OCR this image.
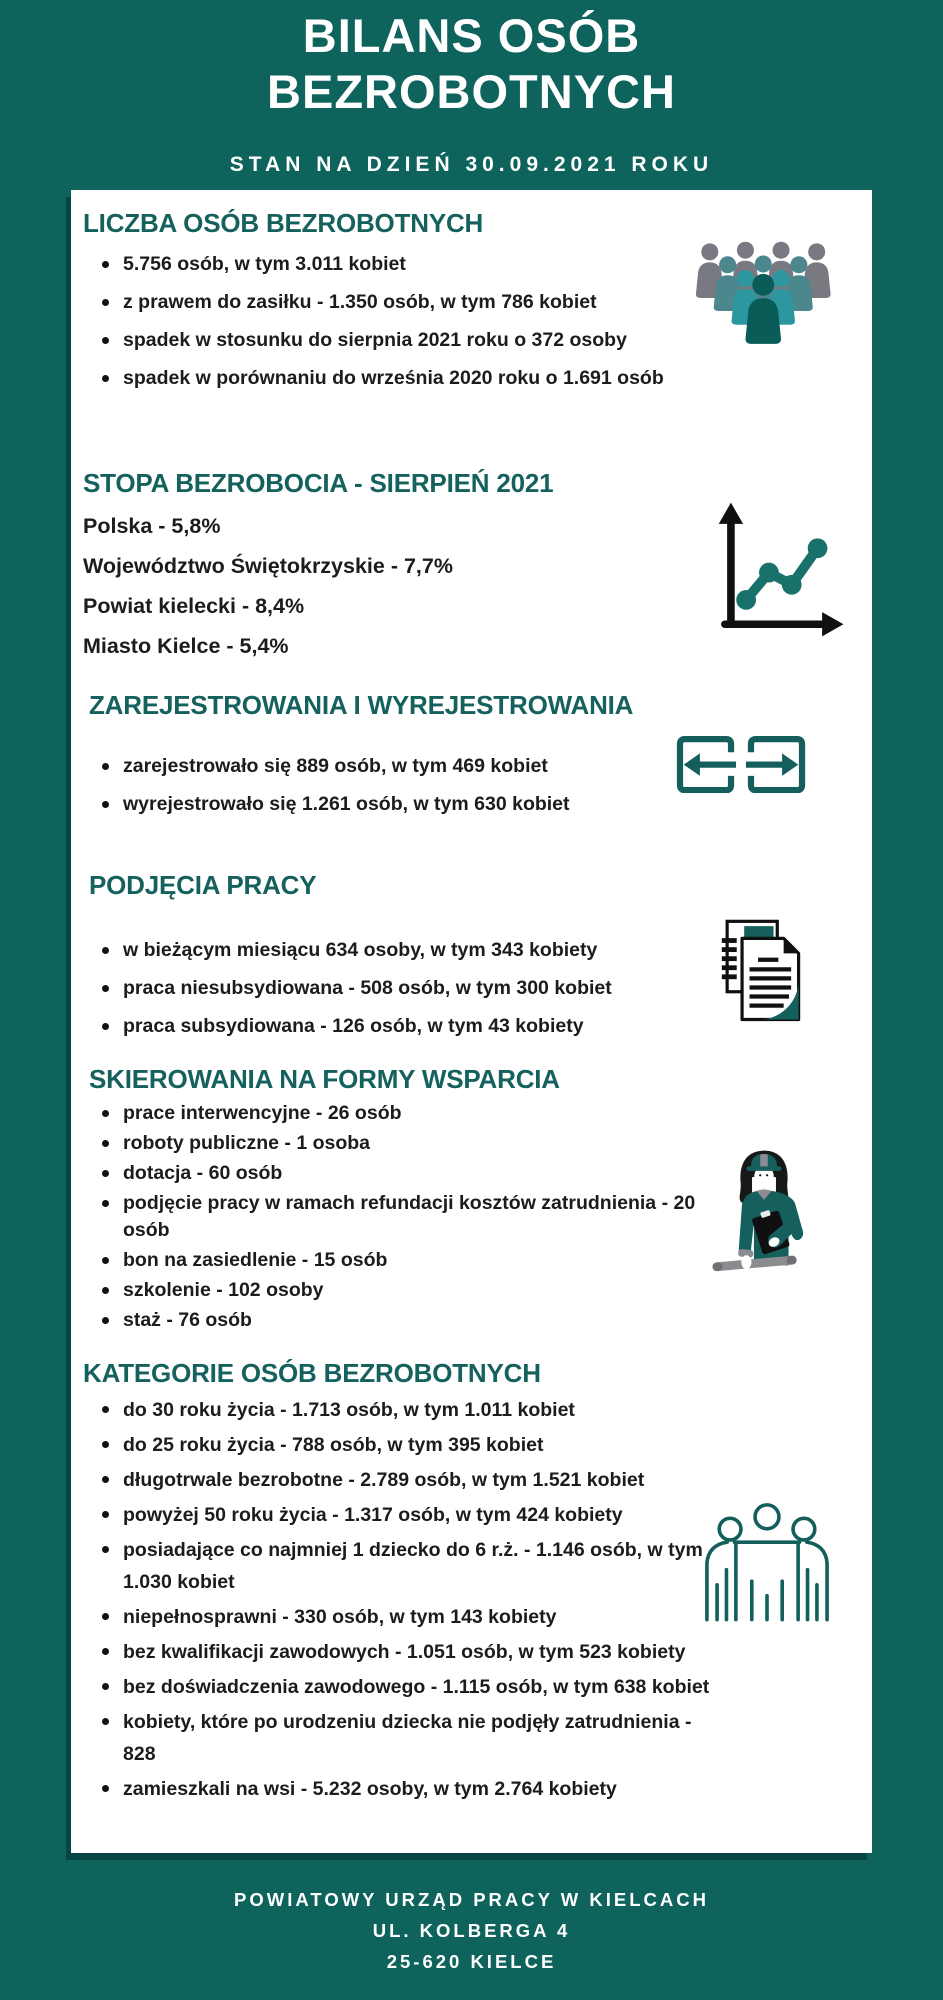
BILANS OSÓB
BEZROBOTNYCH
STAN NA DZIEŃ 30.09.2021 ROKU
LICZBA OSÓB BEZROBOTNYCH
5.756 osób, w tym 3.011 kobiet
z prawem do zasiłku - 1.350 osób, w tym 786 kobiet
spadek w stosunku do sierpnia 2021 roku o 372 osoby
spadek w porównaniu do września 2020 roku o 1.691 osób
STOPA BEZROBOCIA - SIERPIEŃ 2021

Polska - 5,8%

Województwo Świętokrzyskie - 7,7%

Powiat kielecki - 8,4%

Miasto Kielce - 5,4%

ZAREJESTROWANIA I WYREJESTROWANIA
zarejestrowało się 889 osób, w tym 469 kobiet
wyrejestrowało się 1.261 osób, w tym 630 kobiet
PODJĘCIA PRACY
w bieżącym miesiącu 634 osoby, w tym 343 kobiety
praca niesubsydiowana - 508 osób, w tym 300 kobiet
praca subsydiowana - 126 osób, w tym 43 kobiety
SKIEROWANIA NA FORMY WSPARCIA
prace interwencyjne - 26 osób
roboty publiczne - 1 osoba
dotacja - 60 osób
podjęcie pracy w ramach refundacji kosztów zatrudnienia - 20 osób
bon na zasiedlenie - 15 osób
szkolenie - 102 osoby
staż - 76 osób
KATEGORIE OSÓB BEZROBOTNYCH
do 30 roku życia - 1.713 osób, w tym 1.011 kobiet
do 25 roku życia - 788 osób, w tym 395 kobiet
długotrwale bezrobotne - 2.789 osób, w tym 1.521 kobiet
powyżej 50 roku życia - 1.317 osób, w tym 424 kobiety
posiadające co najmniej 1 dziecko do 6 r.ż. - 1.146 osób, w tym 1.030 kobiet
niepełnosprawni - 330 osób, w tym 143 kobiety
bez kwalifikacji zawodowych - 1.051 osób, w tym 523 kobiety
bez doświadczenia zawodowego - 1.115 osób, w tym 638 kobiet
kobiety, które po urodzeniu dziecka nie podjęły zatrudnienia - 828
zamieszkali na wsi - 5.232 osoby, w tym 2.764 kobiety
POWIATOWY URZĄD PRACY W KIELCACH
UL. KOLBERGA 4
25-620 KIELCE
